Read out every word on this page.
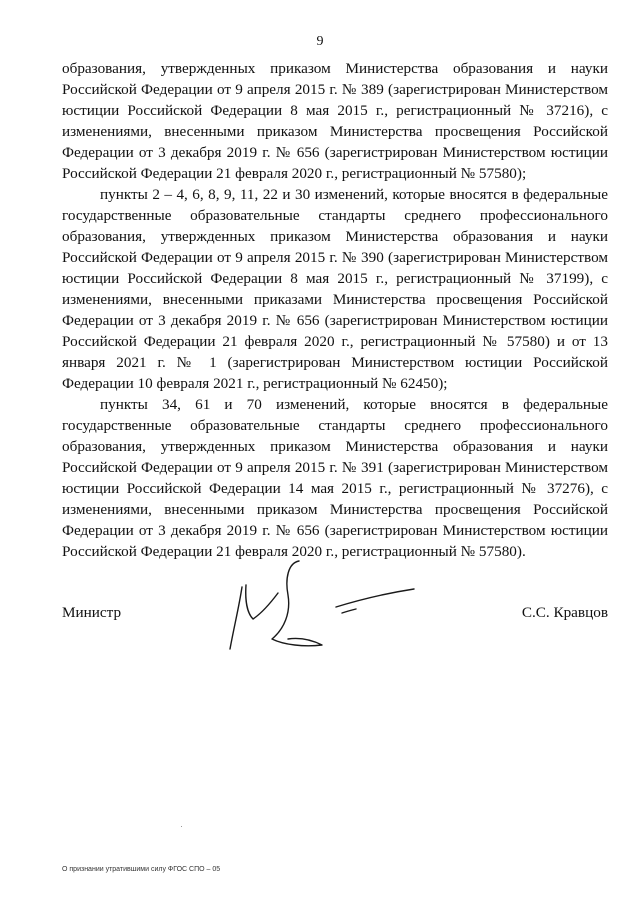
9

образования, утвержденных приказом Министерства образования и науки Российской Федерации от 9 апреля 2015 г. № 389 (зарегистрирован Министерством юстиции Российской Федерации 8 мая 2015 г., регистрационный № 37216), с изменениями, внесенными приказом Министерства просвещения Российской Федерации от 3 декабря 2019 г. № 656 (зарегистрирован Министерством юстиции Российской Федерации 21 февраля 2020 г., регистрационный № 57580);

пункты 2 – 4, 6, 8, 9, 11, 22 и 30 изменений, которые вносятся в федеральные государственные образовательные стандарты среднего профессионального образования, утвержденных приказом Министерства образования и науки Российской Федерации от 9 апреля 2015 г. № 390 (зарегистрирован Министерством юстиции Российской Федерации 8 мая 2015 г., регистрационный № 37199), с изменениями, внесенными приказами Министерства просвещения Российской Федерации от 3 декабря 2019 г. № 656 (зарегистрирован Министерством юстиции Российской Федерации 21 февраля 2020 г., регистрационный № 57580) и от 13 января 2021 г. № 1 (зарегистрирован Министерством юстиции Российской Федерации 10 февраля 2021 г., регистрационный № 62450);

пункты 34, 61 и 70 изменений, которые вносятся в федеральные государственные образовательные стандарты среднего профессионального образования, утвержденных приказом Министерства образования и науки Российской Федерации от 9 апреля 2015 г. № 391 (зарегистрирован Министерством юстиции Российской Федерации 14 мая 2015 г., регистрационный № 37276), с изменениями, внесенными приказом Министерства просвещения Российской Федерации от 3 декабря 2019 г. № 656 (зарегистрирован Министерством юстиции Российской Федерации 21 февраля 2020 г., регистрационный № 57580).

Министр	С.С. Кравцов
О признании утратившими силу ФГОС СПО – 05
